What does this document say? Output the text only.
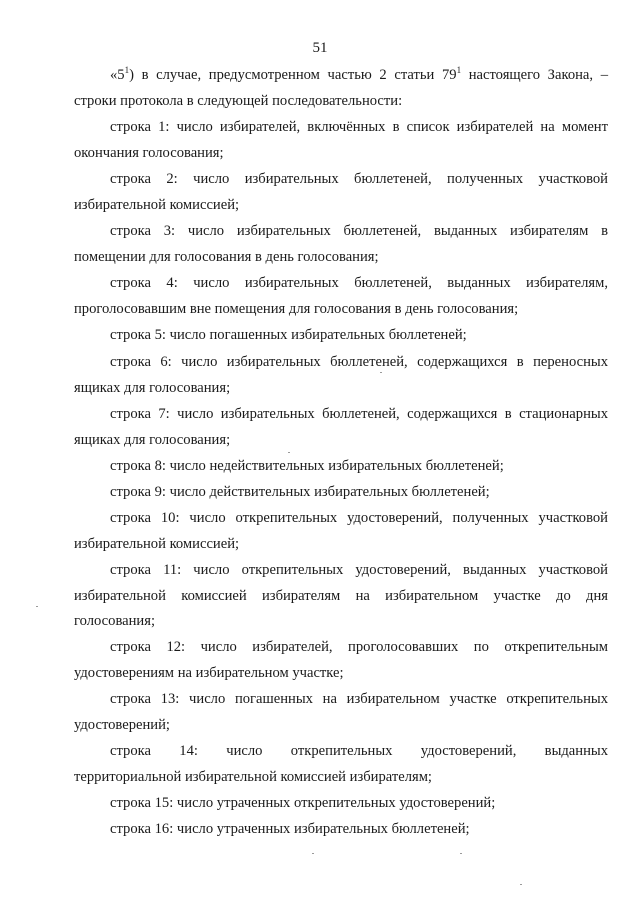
51
«$5^1$) в случае, предусмотренном частью 2 статьи $79^1$ настоящего Закона, –
строки протокола в следующей последовательности:
строка 1: число избирателей, включённых в список избирателей на момент
окончания голосования;
строка 2: число избирательных бюллетеней, полученных участковой
избирательной комиссией;
строка 3: число избирательных бюллетеней, выданных избирателям в
помещении для голосования в день голосования;
строка 4: число избирательных бюллетеней, выданных избирателям,
проголосовавшим вне помещения для голосования в день голосования;
строка 5: число погашенных избирательных бюллетеней;
строка 6: число избирательных бюллетеней, содержащихся в переносных
ящиках для голосования;
строка 7: число избирательных бюллетеней, содержащихся в стационарных
ящиках для голосования;
строка 8: число недействительных избирательных бюллетеней;
строка 9: число действительных избирательных бюллетеней;
строка 10: число открепительных удостоверений, полученных участковой
избирательной комиссией;
строка 11: число открепительных удостоверений, выданных участковой
избирательной комиссией избирателям на избирательном участке до дня
голосования;
строка 12: число избирателей, проголосовавших по открепительным
удостоверениям на избирательном участке;
строка 13: число погашенных на избирательном участке открепительных
удостоверений;
строка 14: число открепительных удостоверений, выданных
территориальной избирательной комиссией избирателям;
строка 15: число утраченных открепительных удостоверений;
строка 16: число утраченных избирательных бюллетеней;
